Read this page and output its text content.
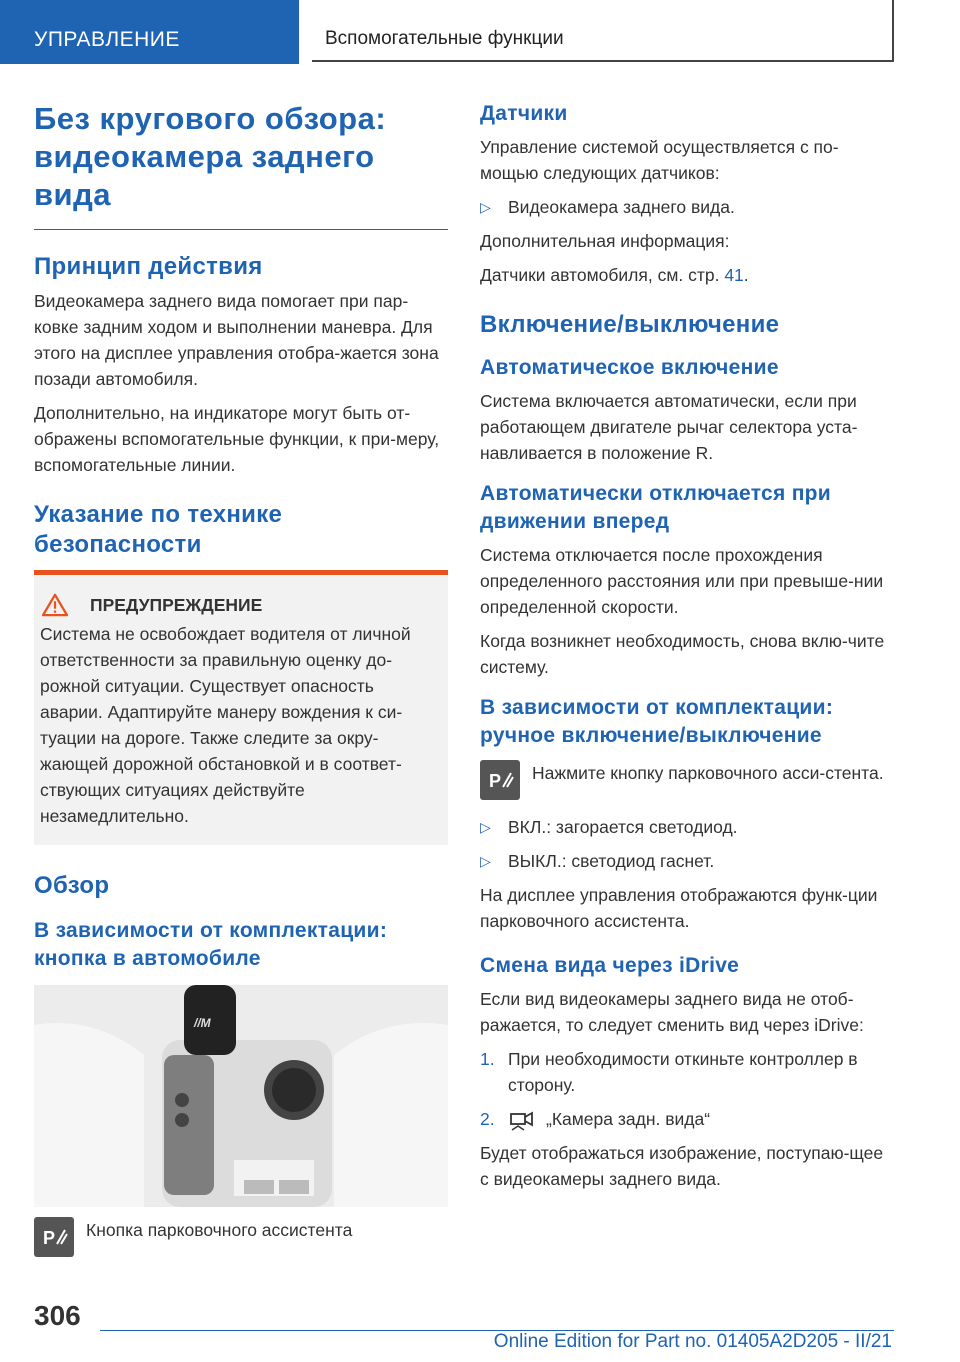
УПРАВЛЕНИЕ	Вспомогательные функции
Без кругового обзора: видеокамера заднего вида
Принцип действия

Видеокамера заднего вида помогает при пар-ковке задним ходом и выполнении маневра. Для этого на дисплее управления отобра-жается зона позади автомобиля.

Дополнительно, на индикаторе могут быть от-ображены вспомогательные функции, к при-меру, вспомогательные линии.

Указание по технике безопасности
ПРЕДУПРЕЖДЕНИЕ

Система не освобождает водителя от личной ответственности за правильную оценку до-рожной ситуации. Существует опасность аварии. Адаптируйте манеру вождения к си-туации на дороге. Также следите за окру-жающей дорожной обстановкой и в соответ-ствующих ситуациях действуйте незамедлительно.

Обзор
В зависимости от комплектации: кнопка в автомобиле
//M
P Кнопка парковочного ассистента
Датчики

Управление системой осуществляется с по-мощью следующих датчиков:

▷ Видеокамера заднего вида.

Дополнительная информация:

Датчики автомобиля, см. стр. 41.

Включение/выключение
Автоматическое включение

Система включается автоматически, если при работающем двигателе рычаг селектора уста-навливается в положение R.

Автоматически отключается при движении вперед

Система отключается после прохождения определенного расстояния или при превыше-нии определенной скорости.

Когда возникнет необходимость, снова вклю-чите систему.

В зависимости от комплектации: ручное включение/выключение
P Нажмите кнопку парковочного асси-стента.
▷ ВКЛ.: загорается светодиод.
▷ ВЫКЛ.: светодиод гаснет.

На дисплее управления отображаются функ-ции парковочного ассистента.

Смена вида через iDrive

Если вид видеокамеры заднего вида не отоб-ражается, то следует сменить вид через iDrive:

1. При необходимости откиньте контроллер в сторону.
2.	„Камера задн. вида“

Будет отображаться изображение, поступаю-щее с видеокамеры заднего вида.

306
Online Edition for Part no. 01405A2D205 - II/21
